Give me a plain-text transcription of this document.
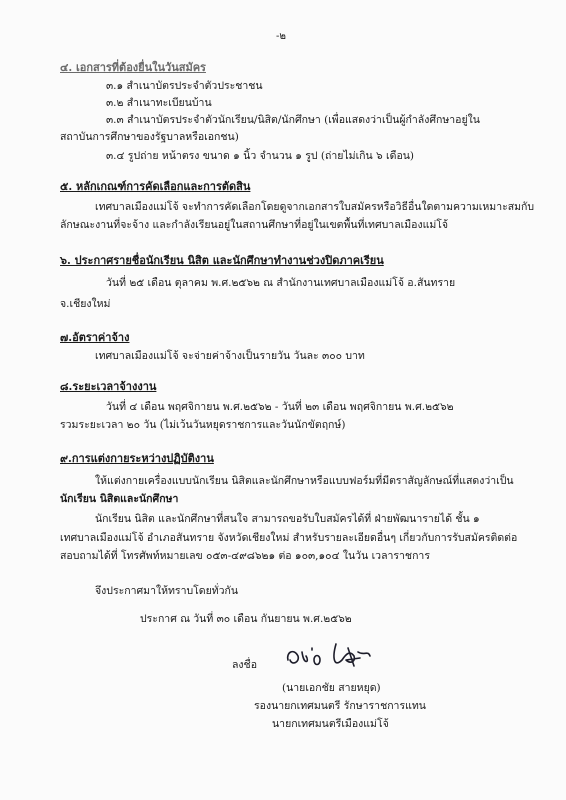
-๒
๔. เอกสารที่ต้องยื่นในวันสมัคร
๓.๑ สำเนาบัตรประจำตัวประชาชน
๓.๒ สำเนาทะเบียนบ้าน
๓.๓ สำเนาบัตรประจำตัวนักเรียน/นิสิต/นักศึกษา (เพื่อแสดงว่าเป็นผู้กำลังศึกษาอยู่ใน
สถาบันการศึกษาของรัฐบาลหรือเอกชน)
๓.๔ รูปถ่าย หน้าตรง ขนาด ๑ นิ้ว จำนวน ๑ รูป (ถ่ายไม่เกิน ๖ เดือน)
๕. หลักเกณฑ์การคัดเลือกและการตัดสิน
เทศบาลเมืองแม่โจ้ จะทำการคัดเลือกโดยดูจากเอกสารใบสมัครหรือวิธีอื่นใดตามความเหมาะสมกับ
ลักษณะงานที่จะจ้าง และกำลังเรียนอยู่ในสถานศึกษาที่อยู่ในเขตพื้นที่เทศบาลเมืองแม่โจ้
๖. ประกาศรายชื่อนักเรียน นิสิต และนักศึกษาทำงานช่วงปิดภาคเรียน
วันที่ ๒๕ เดือน ตุลาคม พ.ศ.๒๕๖๒ ณ สำนักงานเทศบาลเมืองแม่โจ้ อ.สันทราย
จ.เชียงใหม่
๗.อัตราค่าจ้าง
เทศบาลเมืองแม่โจ้ จะจ่ายค่าจ้างเป็นรายวัน วันละ ๓๐๐ บาท
๘.ระยะเวลาจ้างงาน
วันที่ ๔ เดือน พฤศจิกายน พ.ศ.๒๕๖๒ - วันที่ ๒๓ เดือน พฤศจิกายน พ.ศ.๒๕๖๒
รวมระยะเวลา ๒๐ วัน (ไม่เว้นวันหยุดราชการและวันนักขัตฤกษ์)
๙.การแต่งกายระหว่างปฏิบัติงาน
ให้แต่งกายเครื่องแบบนักเรียน นิสิตและนักศึกษาหรือแบบฟอร์มที่มีตราสัญลักษณ์ที่แสดงว่าเป็น
นักเรียน นิสิตและนักศึกษา
นักเรียน นิสิต และนักศึกษาที่สนใจ สามารถขอรับใบสมัครได้ที่ ฝ่ายพัฒนารายได้ ชั้น ๑
เทศบาลเมืองแม่โจ้ อำเภอสันทราย จังหวัดเชียงใหม่ สำหรับรายละเอียดอื่นๆ เกี่ยวกับการรับสมัครติดต่อ
สอบถามได้ที่ โทรศัพท์หมายเลข ๐๕๓-๔๙๘๖๒๑ ต่อ ๑๐๓,๑๐๔ ในวัน เวลาราชการ
จึงประกาศมาให้ทราบโดยทั่วกัน
ประกาศ ณ วันที่ ๓๐ เดือน กันยายน พ.ศ.๒๕๖๒
ลงชื่อ
(นายเอกชัย สายหยุด)
รองนายกเทศมนตรี รักษาราชการแทน
นายกเทศมนตรีเมืองแม่โจ้
